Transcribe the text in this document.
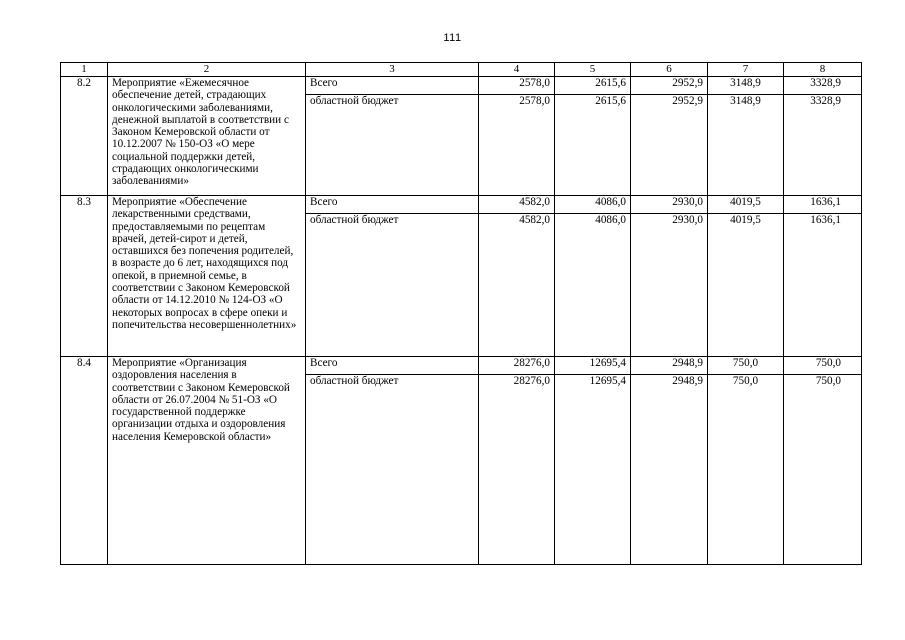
111
1	2	3	4	5	6	7	8
8.2	Мероприятие «Ежемесячное обеспечение детей, страдающих онкологическими заболеваниями, денежной выплатой в соответствии с Законом Кемеровской области от 10.12.2007 № 150-ОЗ «О мере социальной поддержки детей, страдающих онкологическими заболеваниями»	Всего	2578,0	2615,6	2952,9	3148,9	3328,9
		областной бюджет	2578,0	2615,6	2952,9	3148,9	3328,9
8.3	Мероприятие «Обеспечение лекарственными средствами, предоставляемыми по рецептам врачей, детей-сирот и детей, оставшихся без попечения родителей, в возрасте до 6 лет, находящихся под опекой, в приемной семье, в соответствии с Законом Кемеровской области от 14.12.2010 № 124-ОЗ «О некоторых вопросах в сфере опеки и попечительства несовершеннолетних»	Всего	4582,0	4086,0	2930,0	4019,5	1636,1
		областной бюджет	4582,0	4086,0	2930,0	4019,5	1636,1
8.4	Мероприятие «Организация оздоровления населения в соответствии с Законом Кемеровской области от 26.07.2004 № 51-ОЗ «О государственной поддержке организации отдыха и оздоровления населения Кемеровской области»	Всего	28276,0	12695,4	2948,9	750,0	750,0
		областной бюджет	28276,0	12695,4	2948,9	750,0	750,0
